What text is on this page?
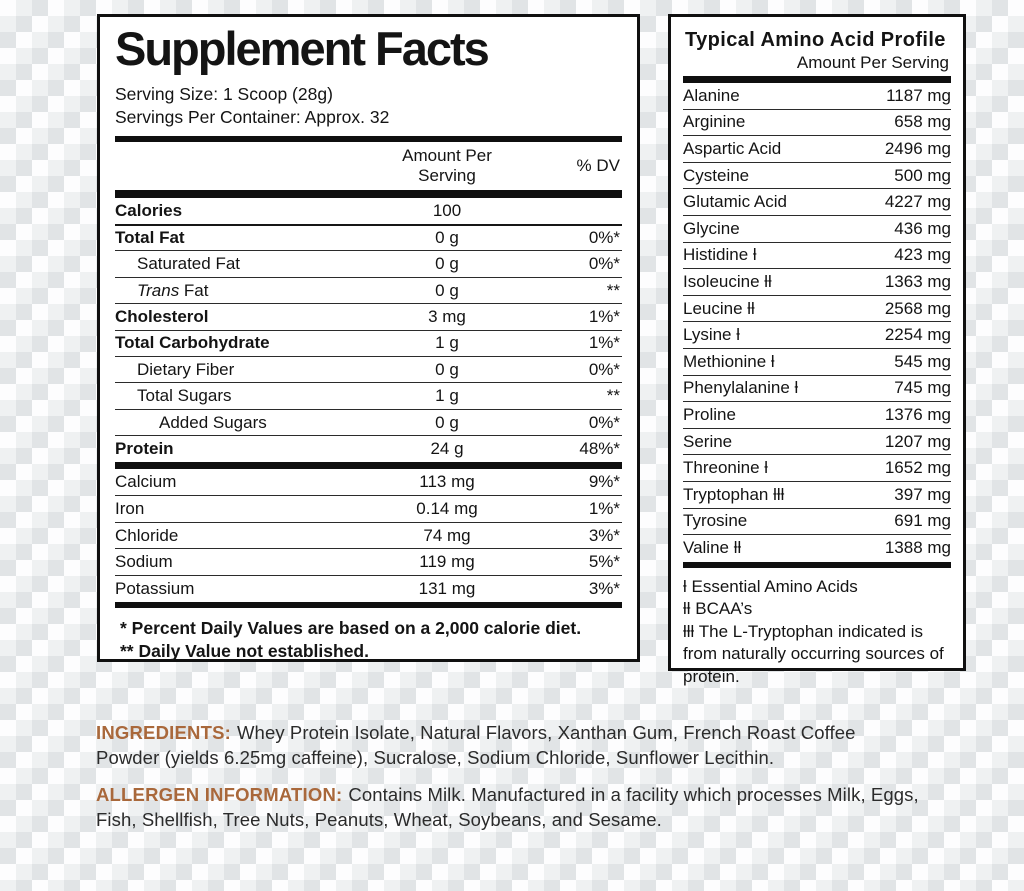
Supplement Facts
Serving Size: 1 Scoop (28g)
Servings Per Container: Approx. 32
Amount Per Serving
% DV
Calories	100
Total Fat	0 g	0%*
Saturated Fat	0 g	0%*
Trans Fat	0 g	**
Cholesterol	3 mg	1%*
Total Carbohydrate	1 g	1%*
Dietary Fiber	0 g	0%*
Total Sugars	1 g	**
Added Sugars	0 g	0%*
Protein	24 g	48%*
Calcium	113 mg	9%*
Iron	0.14 mg	1%*
Chloride	74 mg	3%*
Sodium	119 mg	5%*
Potassium	131 mg	3%*
* Percent Daily Values are based on a 2,000 calorie diet.
** Daily Value not established.
Typical Amino Acid Profile
Amount Per Serving
Alanine	1187 mg
Arginine	658 mg
Aspartic Acid	2496 mg
Cysteine	500 mg
Glutamic Acid	4227 mg
Glycine	436 mg
Histidine ƚ	423 mg
Isoleucine ƚƚ	1363 mg
Leucine ƚƚ	2568 mg
Lysine ƚ	2254 mg
Methionine ƚ	545 mg
Phenylalanine ƚ	745 mg
Proline	1376 mg
Serine	1207 mg
Threonine ƚ	1652 mg
Tryptophan ƚƚƚ	397 mg
Tyrosine	691 mg
Valine ƚƚ	1388 mg
ƚ Essential Amino Acids
ƚƚ BCAA’s
ƚƚƚ The L-Tryptophan indicated is from naturally occurring sources of protein.

INGREDIENTS: Whey Protein Isolate, Natural Flavors, Xanthan Gum, French Roast Coffee Powder (yields 6.25mg caffeine), Sucralose, Sodium Chloride, Sunflower Lecithin.

ALLERGEN INFORMATION: Contains Milk. Manufactured in a facility which processes Milk, Eggs, Fish, Shellfish, Tree Nuts, Peanuts, Wheat, Soybeans, and Sesame.
